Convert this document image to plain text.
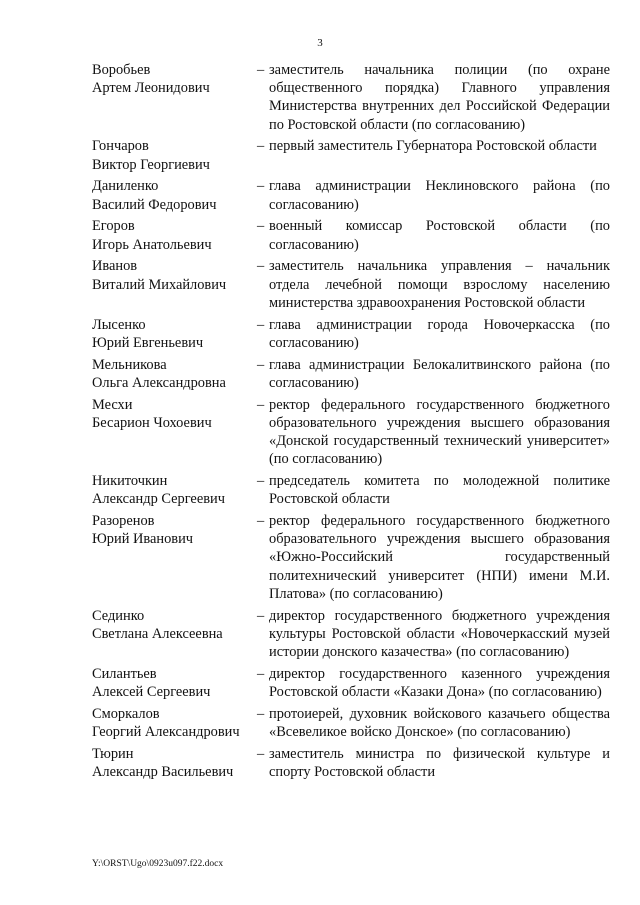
3
Воробьев
Артем Леонидович
– заместитель начальника полиции (по охране общественного порядка) Главного управления Министерства внутренних дел Российской Федерации по Ростовской области (по согласованию)
Гончаров
Виктор Георгиевич
– первый заместитель Губернатора Ростовской области
Даниленко
Василий Федорович
– глава администрации Неклиновского района (по согласованию)
Егоров
Игорь Анатольевич
– военный комиссар Ростовской области (по согласованию)
Иванов
Виталий Михайлович
– заместитель начальника управления – начальник отдела лечебной помощи взрослому населению министерства здравоохранения Ростовской области
Лысенко
Юрий Евгеньевич
– глава администрации города Новочеркасска (по согласованию)
Мельникова
Ольга Александровна
– глава администрации Белокалитвинского района (по согласованию)
Месхи
Бесарион Чохоевич
– ректор федерального государственного бюджетного образовательного учреждения высшего образования «Донской государственный технический университет» (по согласованию)
Никиточкин
Александр Сергеевич
– председатель комитета по молодежной политике Ростовской области
Разоренов
Юрий Иванович
– ректор федерального государственного бюджетного образовательного учреждения высшего образования «Южно-Российский государственный политехнический университет (НПИ) имени М.И. Платова» (по согласованию)
Сединко
Светлана Алексеевна
– директор государственного бюджетного учреждения культуры Ростовской области «Новочеркасский музей истории донского казачества» (по согласованию)
Силантьев
Алексей Сергеевич
– директор государственного казенного учреждения Ростовской области «Казаки Дона» (по согласованию)
Сморкалов
Георгий Александрович
– протоиерей, духовник войскового казачьего общества «Всевеликое войско Донское» (по согласованию)
Тюрин
Александр Васильевич
– заместитель министра по физической культуре и спорту Ростовской области
Y:\ORST\Ugo\0923u097.f22.docx
